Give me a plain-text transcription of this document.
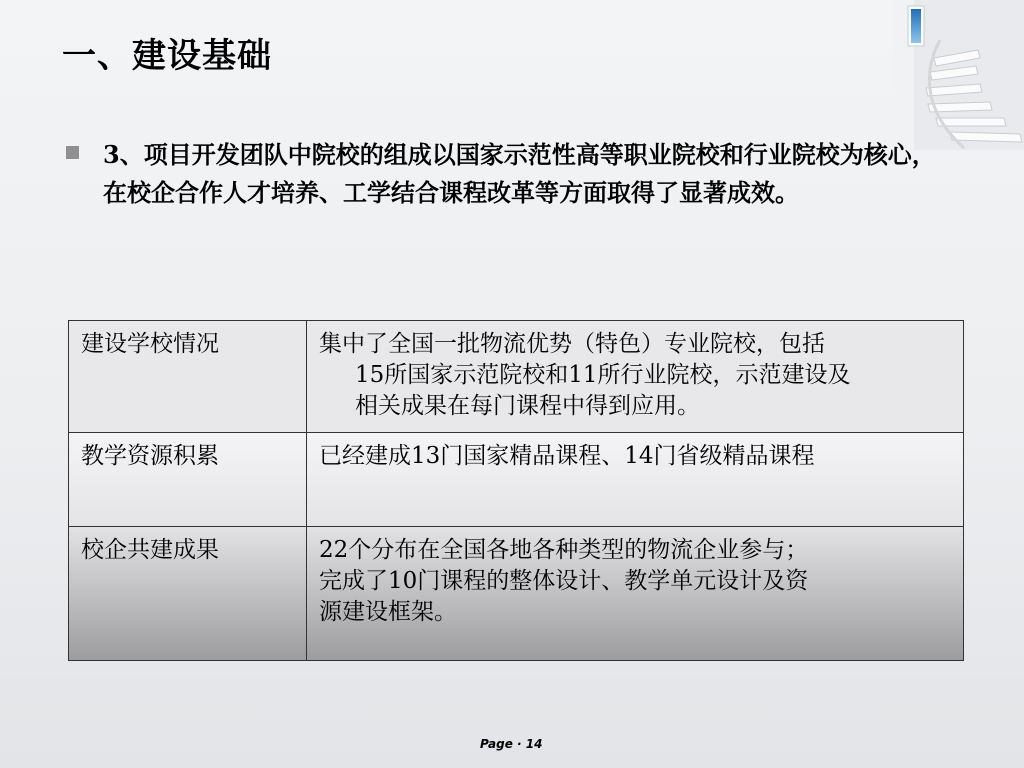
一、建设基础
3、项目开发团队中院校的组成以国家示范性高等职业院校和行业院校为核心，在校企合作人才培养、工学结合课程改革等方面取得了显著成效。
建设学校情况	集中了全国一批物流优势（特色）专业院校，包括
15所国家示范院校和11所行业院校，示范建设及
相关成果在每门课程中得到应用。

教学资源积累	已经建成13门国家精品课程、14门省级精品课程

校企共建成果	22个分布在全国各地各种类型的物流企业参与；
完成了10门课程的整体设计、教学单元设计及资
源建设框架。
Page · 14
